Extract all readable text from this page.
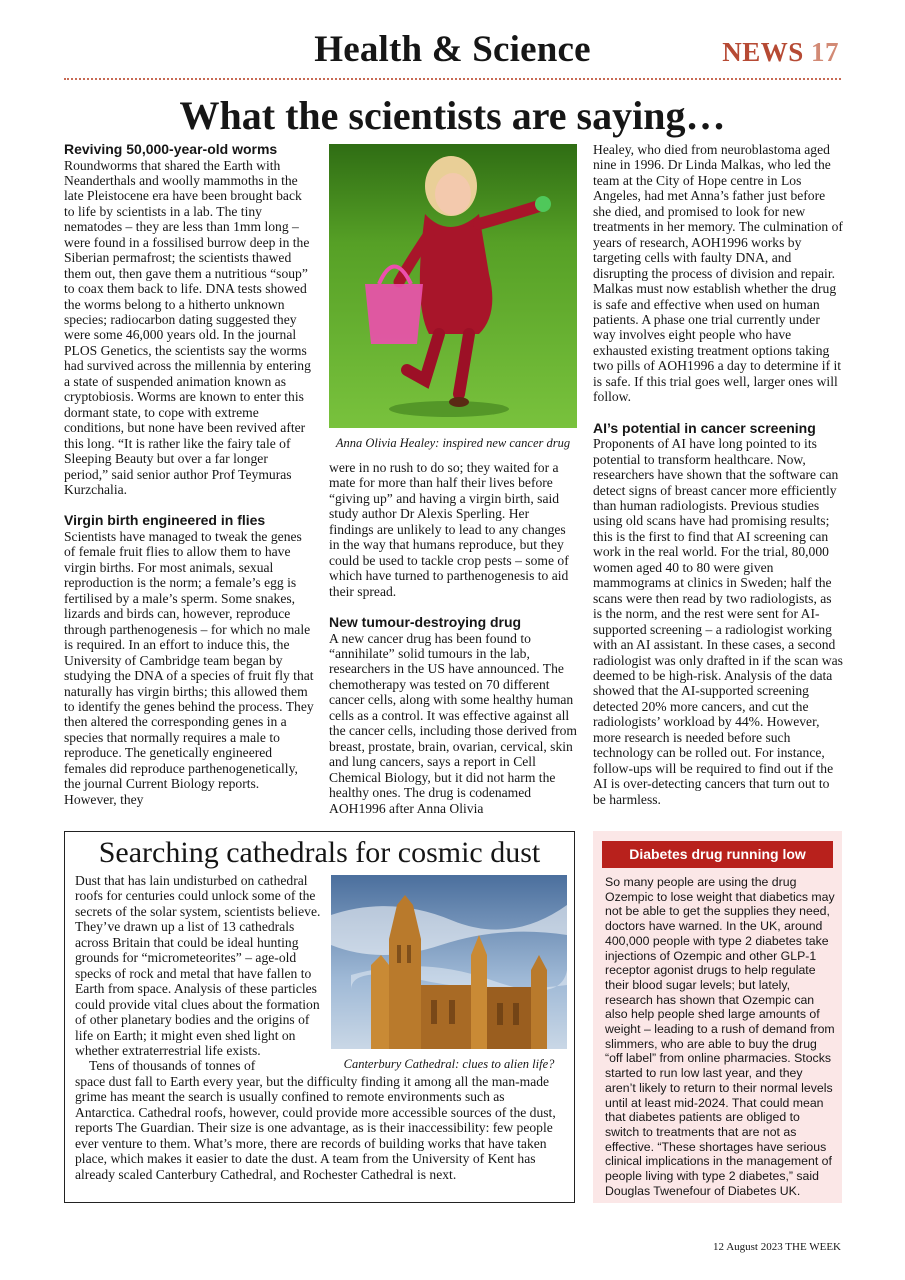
Health & Science	NEWS 17
What the scientists are saying…

Reviving 50,000-year-old worms

Roundworms that shared the Earth with Neanderthals and woolly mammoths in the late Pleistocene era have been brought back to life by scientists in a lab. The tiny nematodes – they are less than 1mm long – were found in a fossilised burrow deep in the Siberian permafrost; the scientists thawed them out, then gave them a nutritious “soup” to coax them back to life. DNA tests showed the worms belong to a hitherto unknown species; radiocarbon dating suggested they were some 46,000 years old. In the journal PLOS Genetics, the scientists say the worms had survived across the millennia by entering a state of suspended animation known as cryptobiosis. Worms are known to enter this dormant state, to cope with extreme conditions, but none have been revived after this long. “It is rather like the fairy tale of Sleeping Beauty but over a far longer period,” said senior author Prof Teymuras Kurzchalia.

Virgin birth engineered in flies

Scientists have managed to tweak the genes of female fruit flies to allow them to have virgin births. For most animals, sexual reproduction is the norm; a female’s egg is fertilised by a male’s sperm. Some snakes, lizards and birds can, however, reproduce through parthenogenesis – for which no male is required. In an effort to induce this, the University of Cambridge team began by studying the DNA of a species of fruit fly that naturally has virgin births; this allowed them to identify the genes behind the process. They then altered the corresponding genes in a species that normally requires a male to reproduce. The genetically engineered females did reproduce parthenogenetically, the journal Current Biology reports. However, they

Anna Olivia Healey: inspired new cancer drug

were in no rush to do so; they waited for a mate for more than half their lives before “giving up” and having a virgin birth, said study author Dr Alexis Sperling. Her findings are unlikely to lead to any changes in the way that humans reproduce, but they could be used to tackle crop pests – some of which have turned to parthenogenesis to aid their spread.

New tumour-destroying drug

A new cancer drug has been found to “annihilate” solid tumours in the lab, researchers in the US have announced. The chemotherapy was tested on 70 different cancer cells, along with some healthy human cells as a control. It was effective against all the cancer cells, including those derived from breast, prostate, brain, ovarian, cervical, skin and lung cancers, says a report in Cell Chemical Biology, but it did not harm the healthy ones. The drug is codenamed AOH1996 after Anna Olivia

Healey, who died from neuroblastoma aged nine in 1996. Dr Linda Malkas, who led the team at the City of Hope centre in Los Angeles, had met Anna’s father just before she died, and promised to look for new treatments in her memory. The culmination of years of research, AOH1996 works by targeting cells with faulty DNA, and disrupting the process of division and repair. Malkas must now establish whether the drug is safe and effective when used on human patients. A phase one trial currently under way involves eight people who have exhausted existing treatment options taking two pills of AOH1996 a day to determine if it is safe. If this trial goes well, larger ones will follow.

AI’s potential in cancer screening

Proponents of AI have long pointed to its potential to transform healthcare. Now, researchers have shown that the software can detect signs of breast cancer more efficiently than human radiologists. Previous studies using old scans have had promising results; this is the first to find that AI screening can work in the real world. For the trial, 80,000 women aged 40 to 80 were given mammograms at clinics in Sweden; half the scans were then read by two radiologists, as is the norm, and the rest were sent for AI-supported screening – a radiologist working with an AI assistant. In these cases, a second radiologist was only drafted in if the scan was deemed to be high-risk. Analysis of the data showed that the AI-supported screening detected 20% more cancers, and cut the radiologists’ workload by 44%. However, more research is needed before such technology can be rolled out. For instance, follow-ups will be required to find out if the AI is over-detecting cancers that turn out to be harmless.

Searching cathedrals for cosmic dust

Dust that has lain undisturbed on cathedral roofs for centuries could unlock some of the secrets of the solar system, scientists believe. They’ve drawn up a list of 13 cathedrals across Britain that could be ideal hunting grounds for “micrometeorites” – age-old specks of rock and metal that have fallen to Earth from space. Analysis of these particles could provide vital clues about the formation of other planetary bodies and the origins of life on Earth; it might even shed light on whether extraterrestrial life exists.

Tens of thousands of tonnes of
space dust fall to Earth every year, but the difficulty finding it among all the man-made grime has meant the search is usually confined to remote environments such as Antarctica. Cathedral roofs, however, could provide more accessible sources of the dust, reports The Guardian. Their size is one advantage, as is their inaccessibility: few people ever venture to them. What’s more, there are records of building works that have taken place, which makes it easier to date the dust. A team from the University of Kent has already scaled Canterbury Cathedral, and Rochester Cathedral is next.

Canterbury Cathedral: clues to alien life?
Diabetes drug running low
So many people are using the drug Ozempic to lose weight that diabetics may not be able to get the supplies they need, doctors have warned. In the UK, around 400,000 people with type 2 diabetes take injections of Ozempic and other GLP-1 receptor agonist drugs to help regulate their blood sugar levels; but lately, research has shown that Ozempic can also help people shed large amounts of weight – leading to a rush of demand from slimmers, who are able to buy the drug “off label” from online pharmacies. Stocks started to run low last year, and they aren’t likely to return to their normal levels until at least mid-2024. That could mean that diabetes patients are obliged to switch to treatments that are not as effective. “These shortages have serious clinical implications in the management of people living with type 2 diabetes,” said Douglas Twenefour of Diabetes UK.
12 August 2023 THE WEEK
